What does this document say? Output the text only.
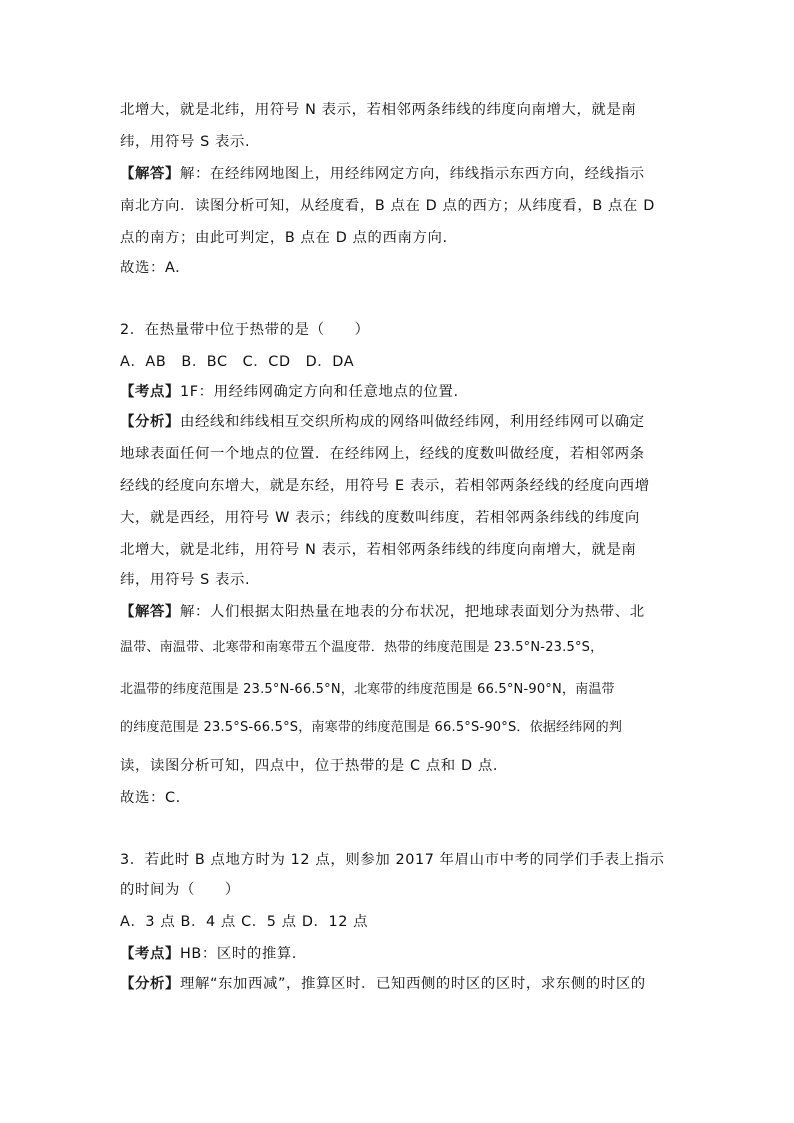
北增大，就是北纬，用符号 N 表示，若相邻两条纬线的纬度向南增大，就是南
纬，用符号 S 表示.
【解答】解：在经纬网地图上，用经纬网定方向，纬线指示东西方向，经线指示
南北方向．读图分析可知，从经度看，B 点在 D 点的西方；从纬度看，B 点在 D
点的南方；由此可判定，B 点在 D 点的西南方向.
故选：A.
2．在热量带中位于热带的是（　　）
A．AB　B．BC　C．CD　D．DA
【考点】1F：用经纬网确定方向和任意地点的位置.
【分析】由经线和纬线相互交织所构成的网络叫做经纬网，利用经纬网可以确定
地球表面任何一个地点的位置．在经纬网上，经线的度数叫做经度，若相邻两条
经线的经度向东增大，就是东经，用符号 E 表示，若相邻两条经线的经度向西增
大，就是西经，用符号 W 表示；纬线的度数叫纬度，若相邻两条纬线的纬度向
北增大，就是北纬，用符号 N 表示，若相邻两条纬线的纬度向南增大，就是南
纬，用符号 S 表示.
【解答】解：人们根据太阳热量在地表的分布状况，把地球表面划分为热带、北
温带、南温带、北寒带和南寒带五个温度带．热带的纬度范围是 23.5°N-23.5°S，
北温带的纬度范围是 23.5°N-66.5°N，北寒带的纬度范围是 66.5°N-90°N，南温带
的纬度范围是 23.5°S-66.5°S，南寒带的纬度范围是 66.5°S-90°S．依据经纬网的判
读，读图分析可知，四点中，位于热带的是 C 点和 D 点.
故选：C.
3．若此时 B 点地方时为 12 点，则参加 2017 年眉山市中考的同学们手表上指示
的时间为（　　）
A．3 点 B．4 点 C．5 点 D．12 点
【考点】HB：区时的推算.
【分析】理解“东加西减”，推算区时．已知西侧的时区的区时，求东侧的时区的
